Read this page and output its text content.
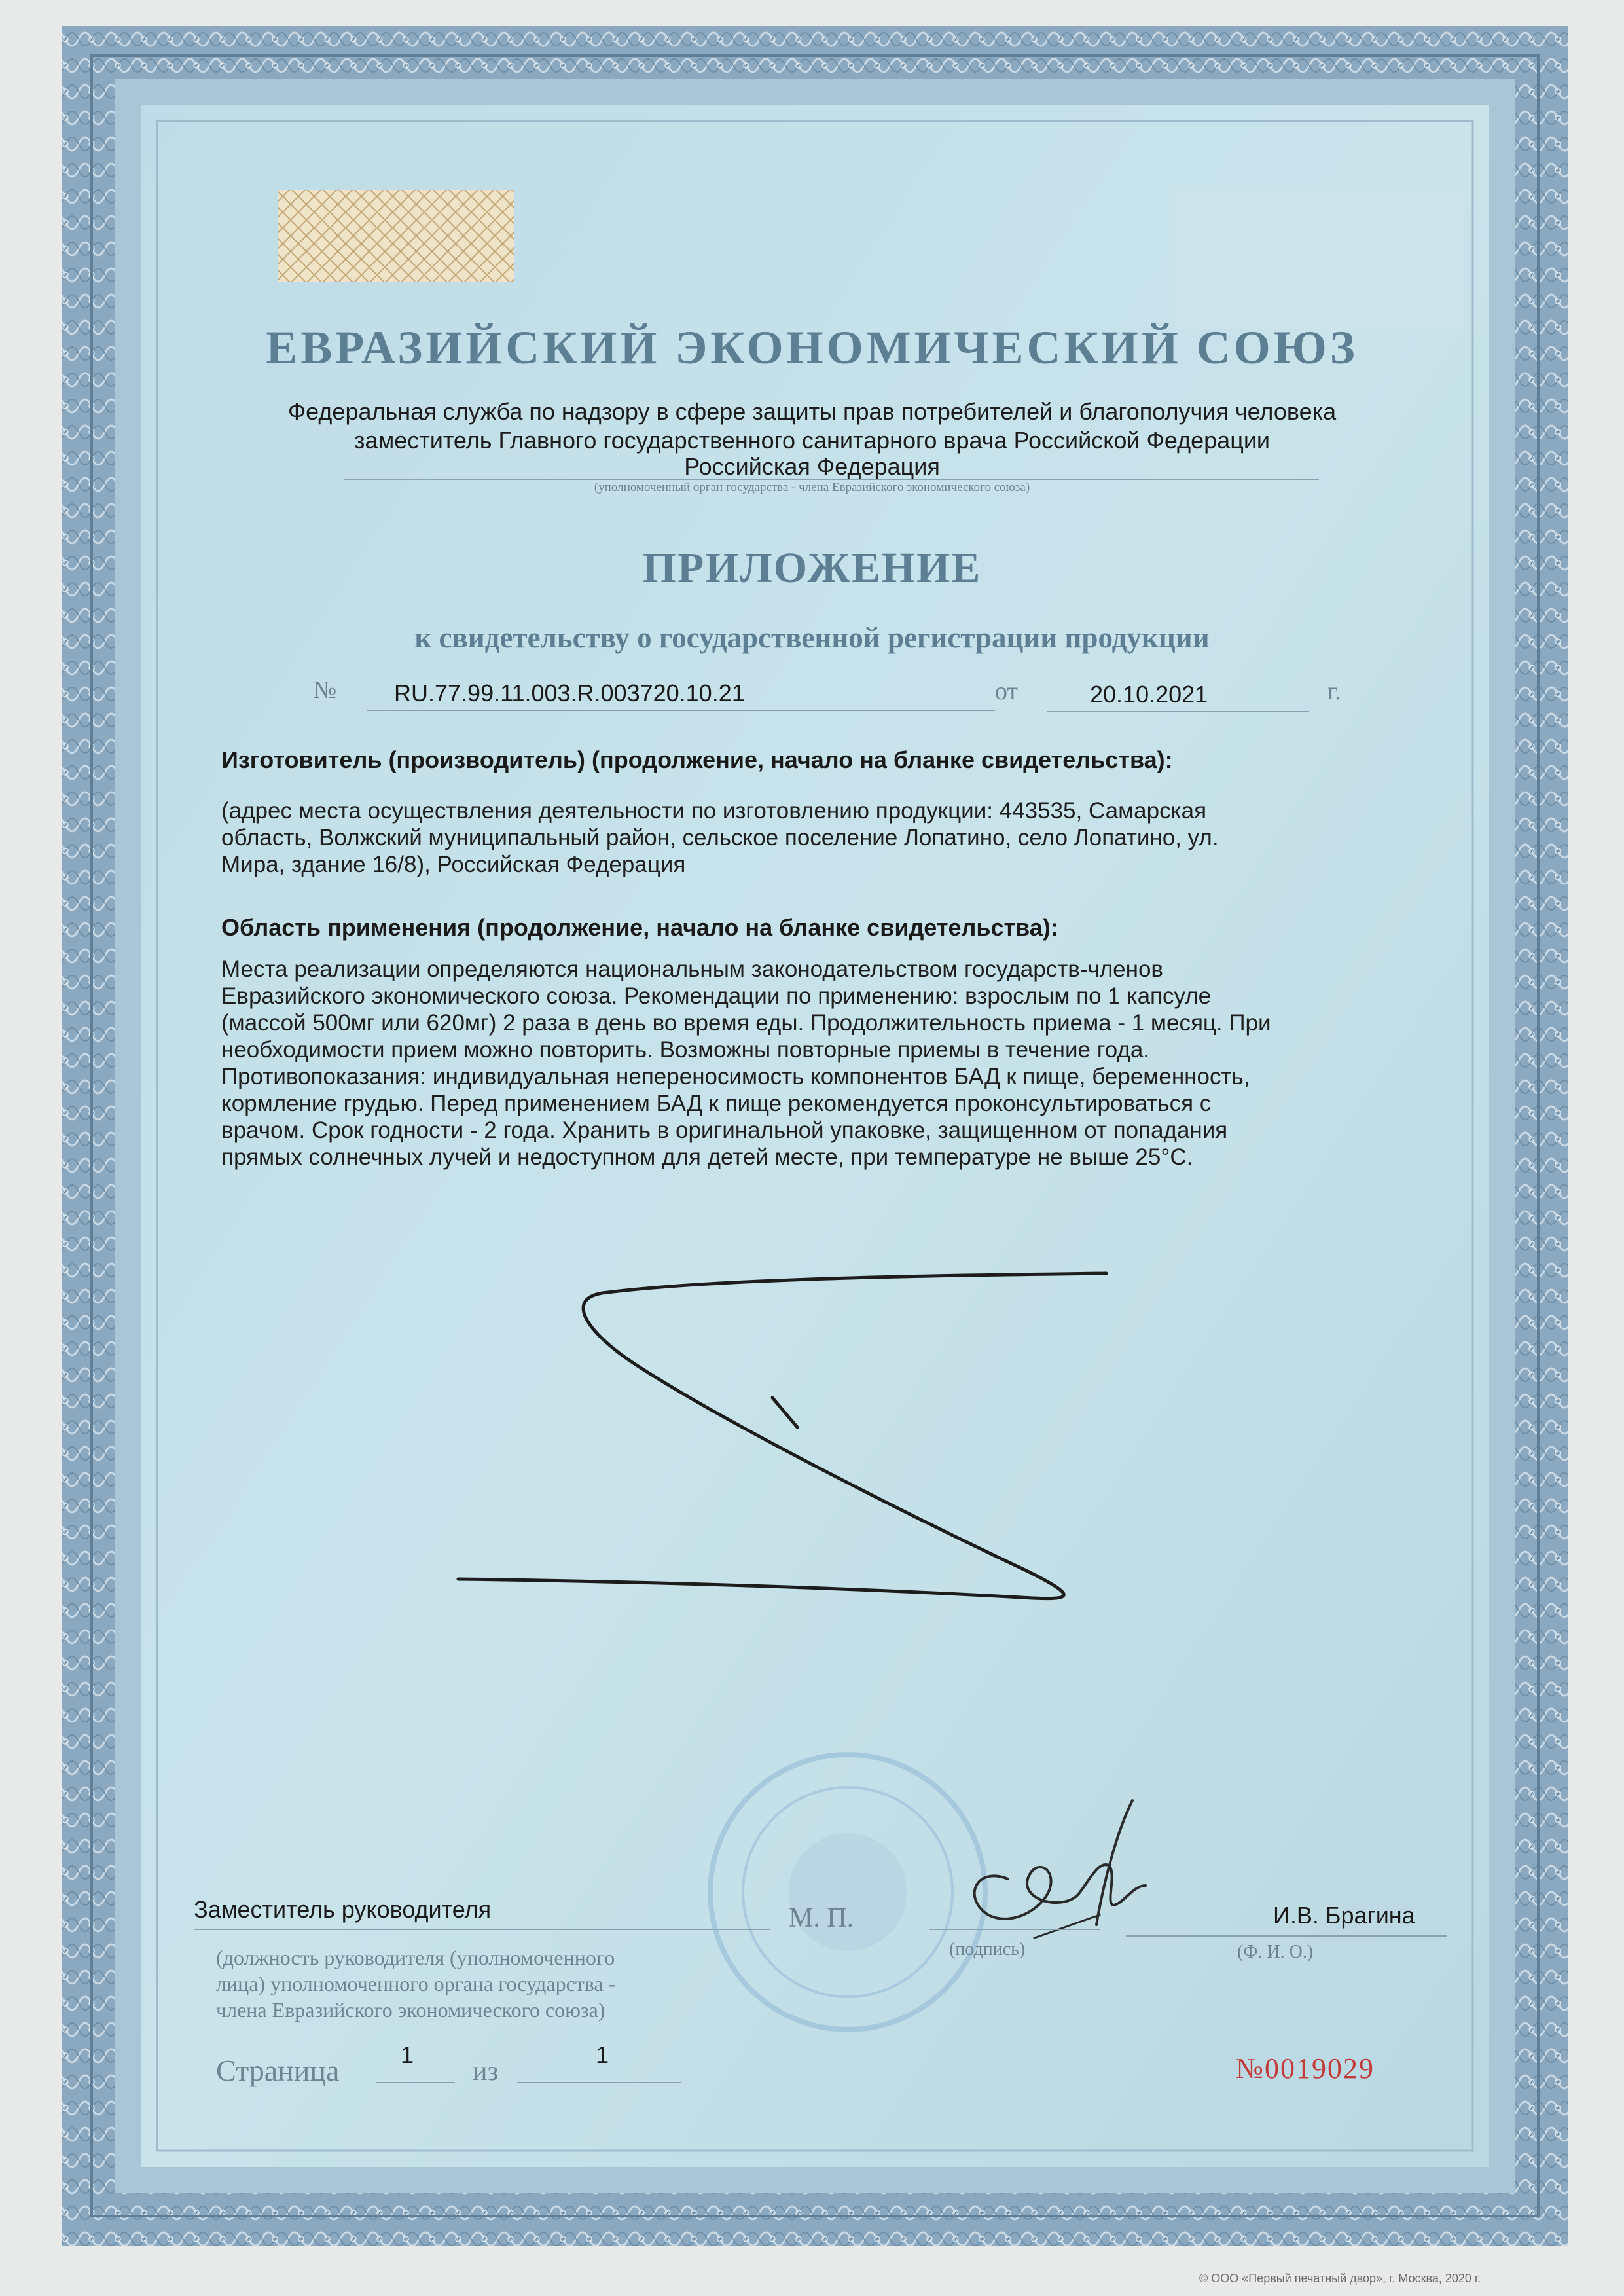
ЕВРАЗИЙСКИЙ ЭКОНОМИЧЕСКИЙ СОЮЗ
Федеральная служба по надзору в сфере защиты прав потребителей и благополучия человека
заместитель Главного государственного санитарного врача Российской Федерации
Российская Федерация
(уполномоченный орган государства - члена Евразийского экономического союза)
ПРИЛОЖЕНИЕ
к свидетельству о государственной регистрации продукции
№ RU.77.99.11.003.R.003720.10.21	от	20.10.2021	г.
Изготовитель (производитель) (продолжение, начало на бланке свидетельства):
(адрес места осуществления деятельности по изготовлению продукции: 443535, Самарская
область, Волжский муниципальный район, сельское поселение Лопатино, село Лопатино, ул.
Мира, здание 16/8), Российская Федерация
Область применения (продолжение, начало на бланке свидетельства):
Места реализации определяются национальным законодательством государств-членов
Евразийского экономического союза. Рекомендации по применению: взрослым по 1 капсуле
(массой 500мг или 620мг) 2 раза в день во время еды. Продолжительность приема - 1 месяц. При
необходимости прием можно повторить. Возможны повторные приемы в течение года.
Противопоказания: индивидуальная непереносимость компонентов БАД к пище, беременность,
кормление грудью. Перед применением БАД к пище рекомендуется проконсультироваться с
врачом. Срок годности - 2 года. Хранить в оригинальной упаковке, защищенном от попадания
прямых солнечных лучей и недоступном для детей месте, при температуре не выше 25°C.
Заместитель руководителя
(должность руководителя (уполномоченного
лица) уполномоченного органа государства -
члена Евразийского экономического союза)
М. П.
(подпись)
И.В. Брагина
(Ф. И. О.)
Страница	1
из
1	№0019029
© ООО «Первый печатный двор», г. Москва, 2020 г.
